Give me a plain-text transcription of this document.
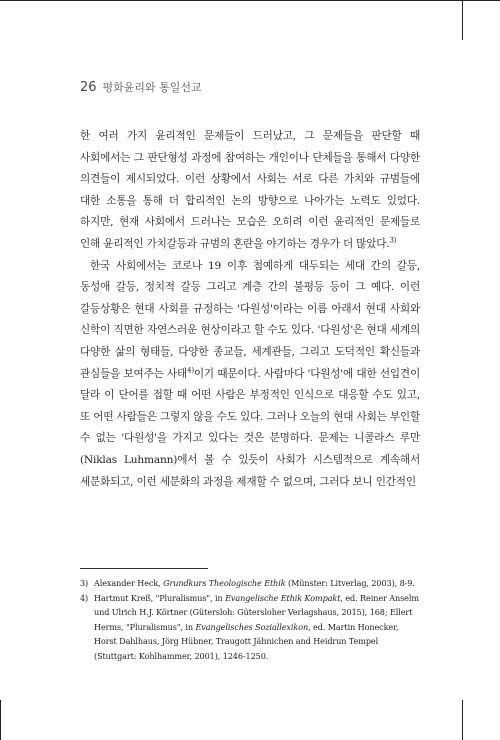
26 평화윤리와 통일선교

한 여러 가지 윤리적인 문제들이 드러났고, 그 문제들을 판단할 때 사회에서는 그 판단형성 과정에 참여하는 개인이나 단체들을 통해서 다양한 의견들이 제시되었다. 이런 상황에서 사회는 서로 다른 가치와 규범들에 대한 소통을 통해 더 합리적인 논의 방향으로 나아가는 노력도 있었다. 하지만, 현재 사회에서 드러나는 모습은 오히려 이런 윤리적인 문제들로 인해 윤리적인 가치갈등과 규범의 혼란을 야기하는 경우가 더 많았다.$^{3)}$

한국 사회에서는 코로나 19 이후 첨예하게 대두되는 세대 간의 갈등, 동성애 갈등, 정치적 갈등 그리고 계층 간의 불평등 등이 그 예다. 이런 갈등상황은 현대 사회를 규정하는 '다원성'이라는 이름 아래서 현대 사회와 신학이 직면한 자연스러운 현상이라고 할 수도 있다. '다원성'은 현대 세계의 다양한 삶의 형태들, 다양한 종교들, 세계관들, 그리고 도덕적인 확신들과 관심들을 보여주는 사태$^{4)}$이기 때문이다. 사람마다 '다원성'에 대한 선입견이 달라 이 단어를 접할 때 어떤 사람은 부정적인 인식으로 대응할 수도 있고, 또 어떤 사람들은 그렇지 않을 수도 있다. 그러나 오늘의 현대 사회는 부인할 수 없는 '다원성'을 가지고 있다는 것은 분명하다. 문제는 니콜라스 루만(Niklas Luhmann)에서 볼 수 있듯이 사회가 시스템적으로 계속해서 세분화되고, 이런 세분화의 과정을 제재할 수 없으며, 그러다 보니 인간적인

3) Alexander Heck, Grundkurs Theologische Ethik (Münster: Litverlag, 2003), 8-9.
4) Hartmut Kreß, "Pluralismus", in Evangelische Ethik Kompakt, ed. Reiner Anselm und Ulrich H.J. Körtner (Gütersloh: Gütersloher Verlagshaus, 2015), 168; Ellert Herms, "Pluralismus", in Evangelisches Soziallexikon, ed. Martin Honecker, Horst Dahlhaus, Jörg Hübner, Traugott Jähnichen and Heidrun Tempel (Stuttgart: Kohlhammer, 2001), 1246-1250.
